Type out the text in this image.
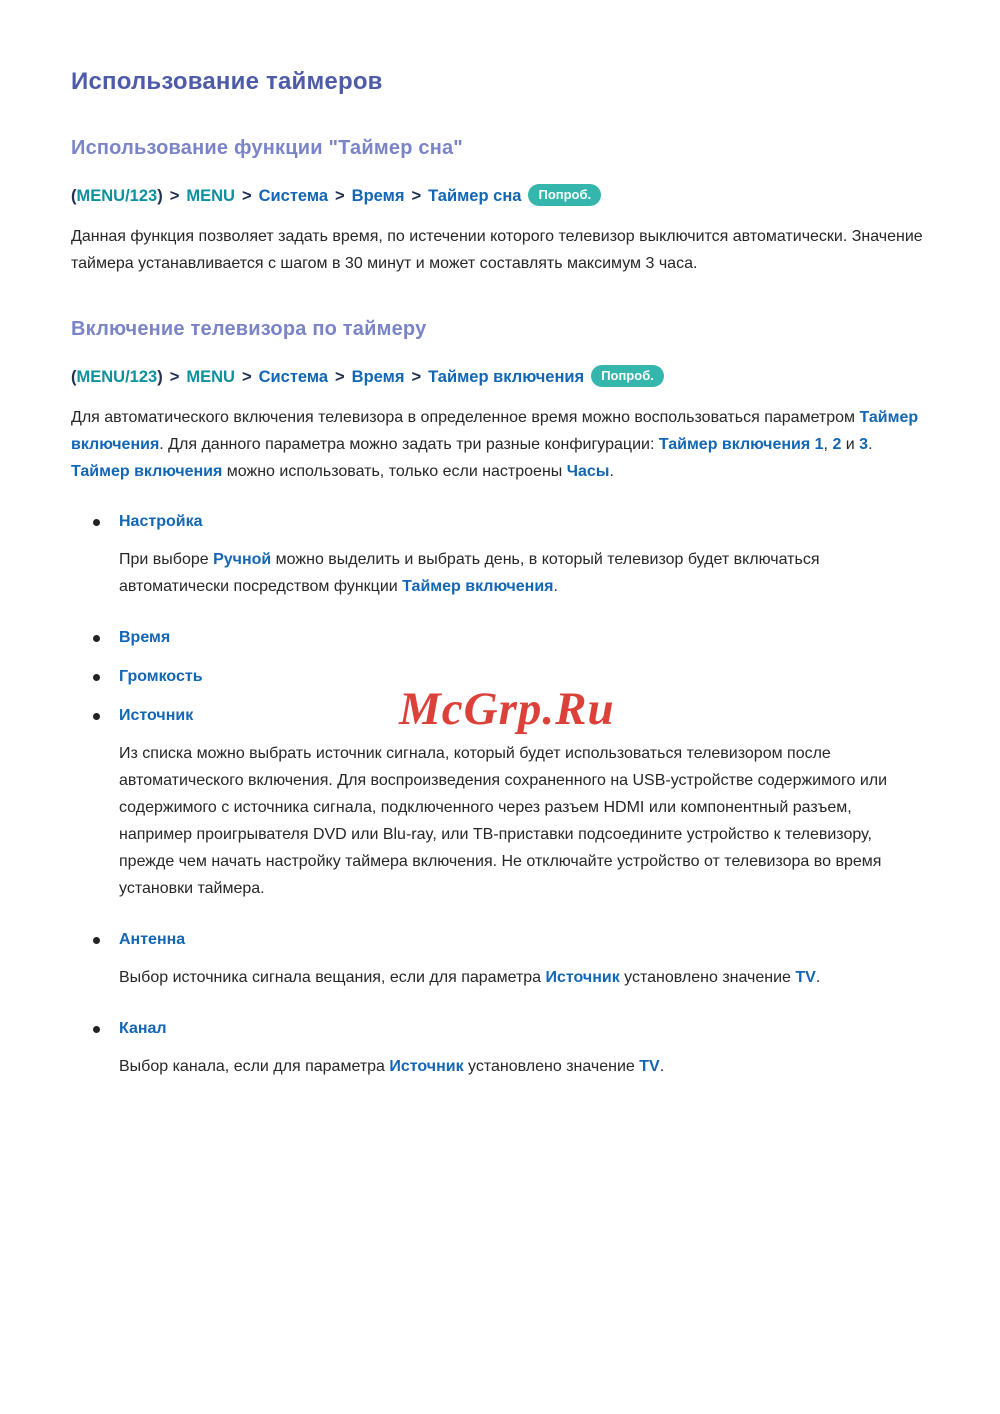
Использование таймеров
Использование функции "Таймер сна"

(MENU/123) > MENU > Система > Время > Таймер сна Попроб.

Данная функция позволяет задать время, по истечении которого телевизор выключится автоматически. Значение таймера устанавливается с шагом в 30 минут и может составлять максимум 3 часа.

Включение телевизора по таймеру

(MENU/123) > MENU > Система > Время > Таймер включения Попроб.

Для автоматического включения телевизора в определенное время можно воспользоваться параметром Таймер включения. Для данного параметра можно задать три разные конфигурации: Таймер включения 1, 2 и 3. Таймер включения можно использовать, только если настроены Часы.

Настройка

При выборе Ручной можно выделить и выбрать день, в который телевизор будет включаться автоматически посредством функции Таймер включения.

Время

Громкость

Источник

Из списка можно выбрать источник сигнала, который будет использоваться телевизором после автоматического включения. Для воспроизведения сохраненного на USB-устройстве содержимого или содержимого с источника сигнала, подключенного через разъем HDMI или компонентный разъем, например проигрывателя DVD или Blu-ray, или ТВ-приставки подсоедините устройство к телевизору, прежде чем начать настройку таймера включения. Не отключайте устройство от телевизора во время установки таймера.

Антенна

Выбор источника сигнала вещания, если для параметра Источник установлено значение TV.

Канал

Выбор канала, если для параметра Источник установлено значение TV.

McGrp.Ru
